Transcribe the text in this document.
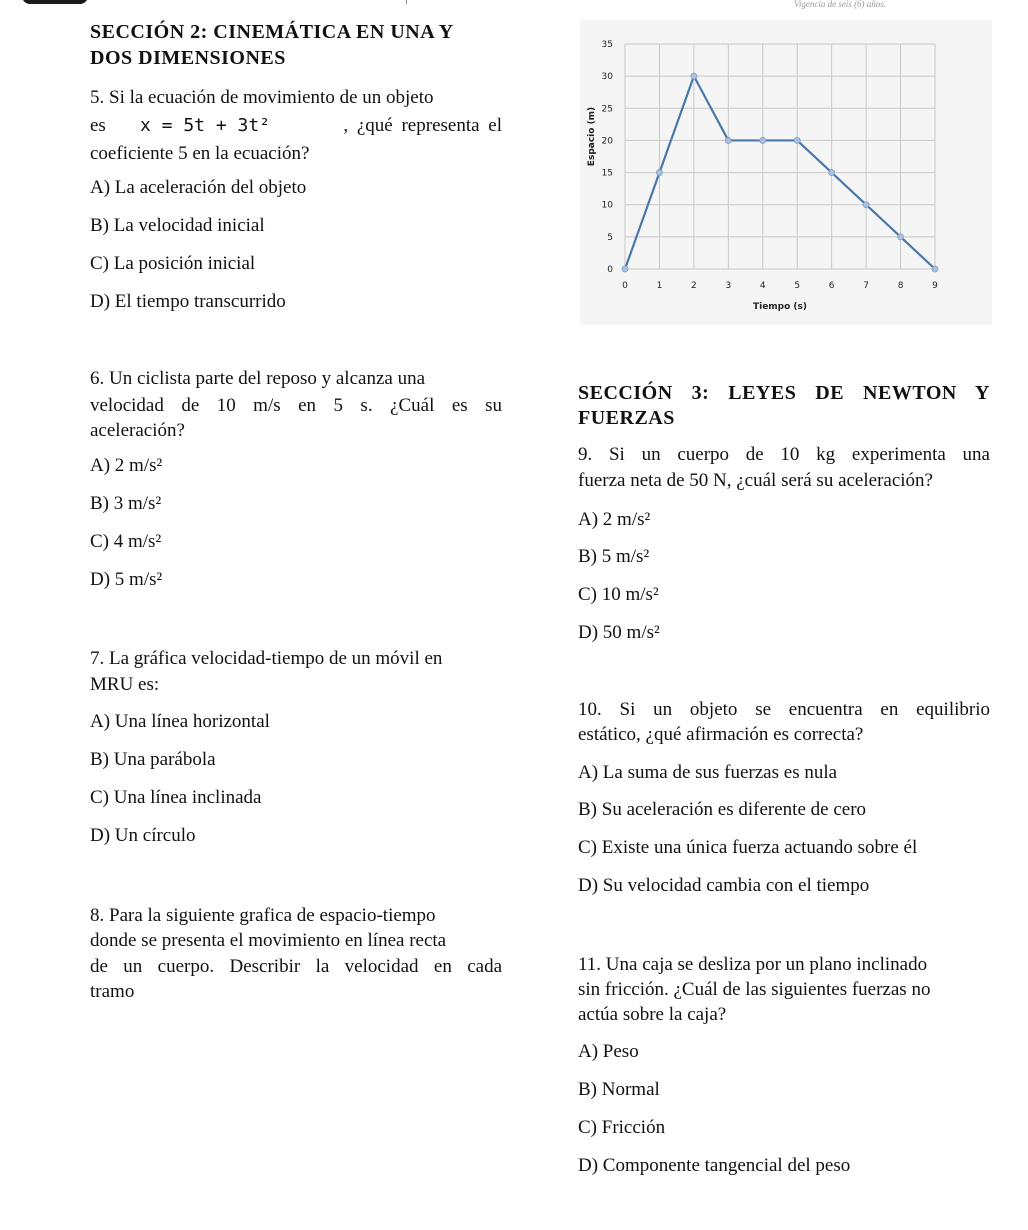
Vigencia de seis (6) años.
SECCIÓN 2: CINEMÁTICA EN UNA Y
DOS DIMENSIONES
5. Si la ecuación de movimiento de un objeto
es x = 5t + 3t²	, ¿qué representa el
coeficiente 5 en la ecuación?
A) La aceleración del objeto
B) La velocidad inicial
C) La posición inicial
D) El tiempo transcurrido
0
5
10
15
20
25
30
35
0	1	2	3	4	5	6	7	8	9
Tiempo (s)
Espacio (m)
6. Un ciclista parte del reposo y alcanza una
velocidad de 10 m/s en 5 s. ¿Cuál es su
aceleración?
A) 2 m/s²
B) 3 m/s²
C) 4 m/s²
D) 5 m/s²
7. La gráfica velocidad-tiempo de un móvil en
MRU es:
A) Una línea horizontal
B) Una parábola
C) Una línea inclinada
D) Un círculo
8. Para la siguiente grafica de espacio-tiempo
donde se presenta el movimiento en línea recta
de un cuerpo. Describir la velocidad en cada
tramo
SECCIÓN 3: LEYES DE NEWTON Y
FUERZAS
9. Si un cuerpo de 10 kg experimenta una
fuerza neta de 50 N, ¿cuál será su aceleración?
A) 2 m/s²
B) 5 m/s²
C) 10 m/s²
D) 50 m/s²
10. Si un objeto se encuentra en equilibrio
estático, ¿qué afirmación es correcta?
A) La suma de sus fuerzas es nula
B) Su aceleración es diferente de cero
C) Existe una única fuerza actuando sobre él
D) Su velocidad cambia con el tiempo
11. Una caja se desliza por un plano inclinado
sin fricción. ¿Cuál de las siguientes fuerzas no
actúa sobre la caja?
A) Peso
B) Normal
C) Fricción
D) Componente tangencial del peso
